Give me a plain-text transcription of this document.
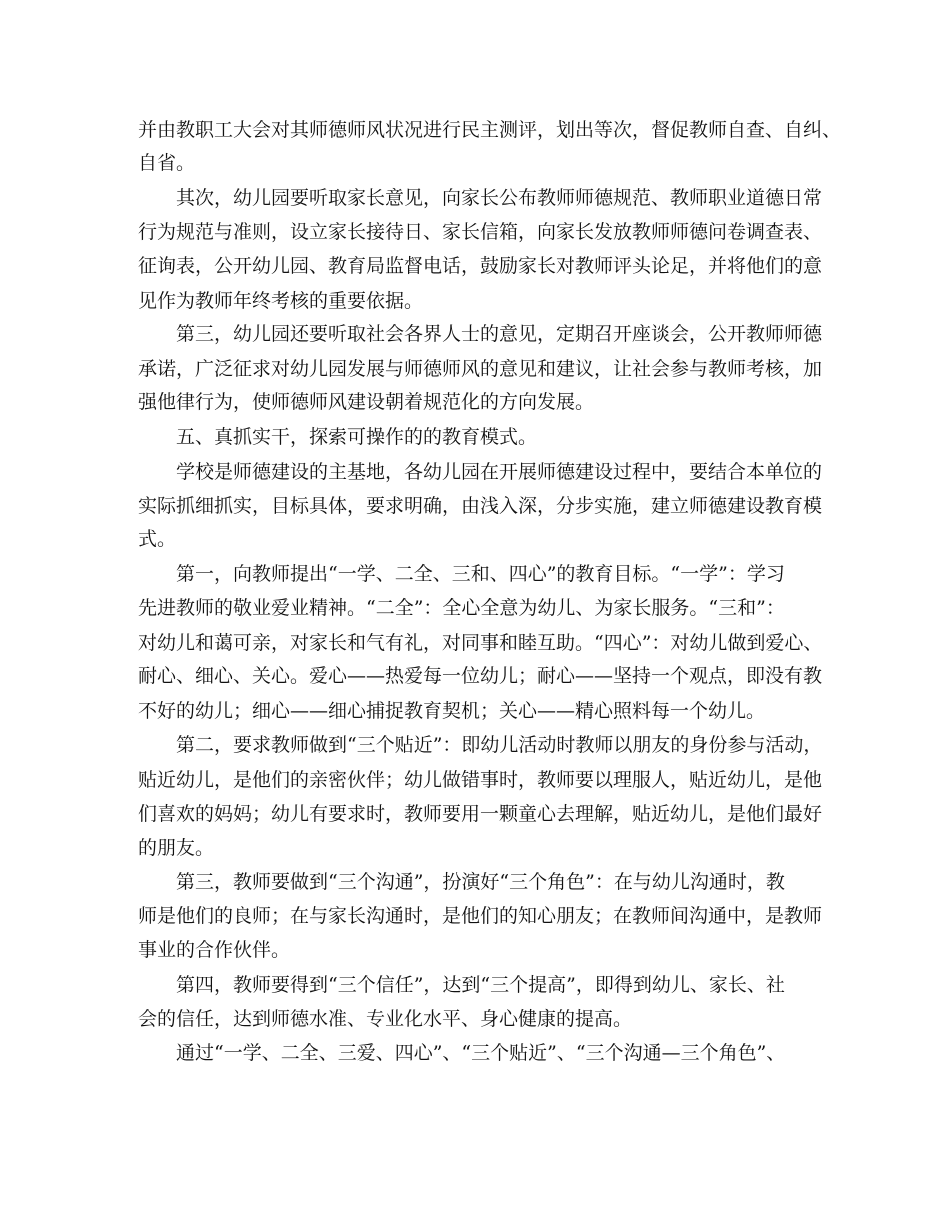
并由教职工大会对其师德师风状况进行民主测评，划出等次，督促教师自查、自纠、
自省。
其次，幼儿园要听取家长意见，向家长公布教师师德规范、教师职业道德日常
行为规范与准则，设立家长接待日、家长信箱，向家长发放教师师德问卷调查表、
征询表，公开幼儿园、教育局监督电话，鼓励家长对教师评头论足，并将他们的意
见作为教师年终考核的重要依据。
第三，幼儿园还要听取社会各界人士的意见，定期召开座谈会，公开教师师德
承诺，广泛征求对幼儿园发展与师德师风的意见和建议，让社会参与教师考核，加
强他律行为，使师德师风建设朝着规范化的方向发展。
五、真抓实干，探索可操作的的教育模式。
学校是师德建设的主基地，各幼儿园在开展师德建设过程中，要结合本单位的
实际抓细抓实，目标具体，要求明确，由浅入深，分步实施，建立师德建设教育模
式。
第一，向教师提出“一学、二全、三和、四心”的教育目标。“一学”：学习
先进教师的敬业爱业精神。“二全”：全心全意为幼儿、为家长服务。“三和”：
对幼儿和蔼可亲，对家长和气有礼，对同事和睦互助。“四心”：对幼儿做到爱心、
耐心、细心、关心。爱心——热爱每一位幼儿；耐心——坚持一个观点，即没有教
不好的幼儿；细心——细心捕捉教育契机；关心——精心照料每一个幼儿。
第二，要求教师做到“三个贴近”：即幼儿活动时教师以朋友的身份参与活动，
贴近幼儿，是他们的亲密伙伴；幼儿做错事时，教师要以理服人，贴近幼儿，是他
们喜欢的妈妈；幼儿有要求时，教师要用一颗童心去理解，贴近幼儿，是他们最好
的朋友。
第三，教师要做到“三个沟通”，扮演好“三个角色”：在与幼儿沟通时，教
师是他们的良师；在与家长沟通时，是他们的知心朋友；在教师间沟通中，是教师
事业的合作伙伴。
第四，教师要得到“三个信任”，达到“三个提高”，即得到幼儿、家长、社
会的信任，达到师德水准、专业化水平、身心健康的提高。
通过“一学、二全、三爱、四心”、“三个贴近”、“三个沟通—三个角色”、
